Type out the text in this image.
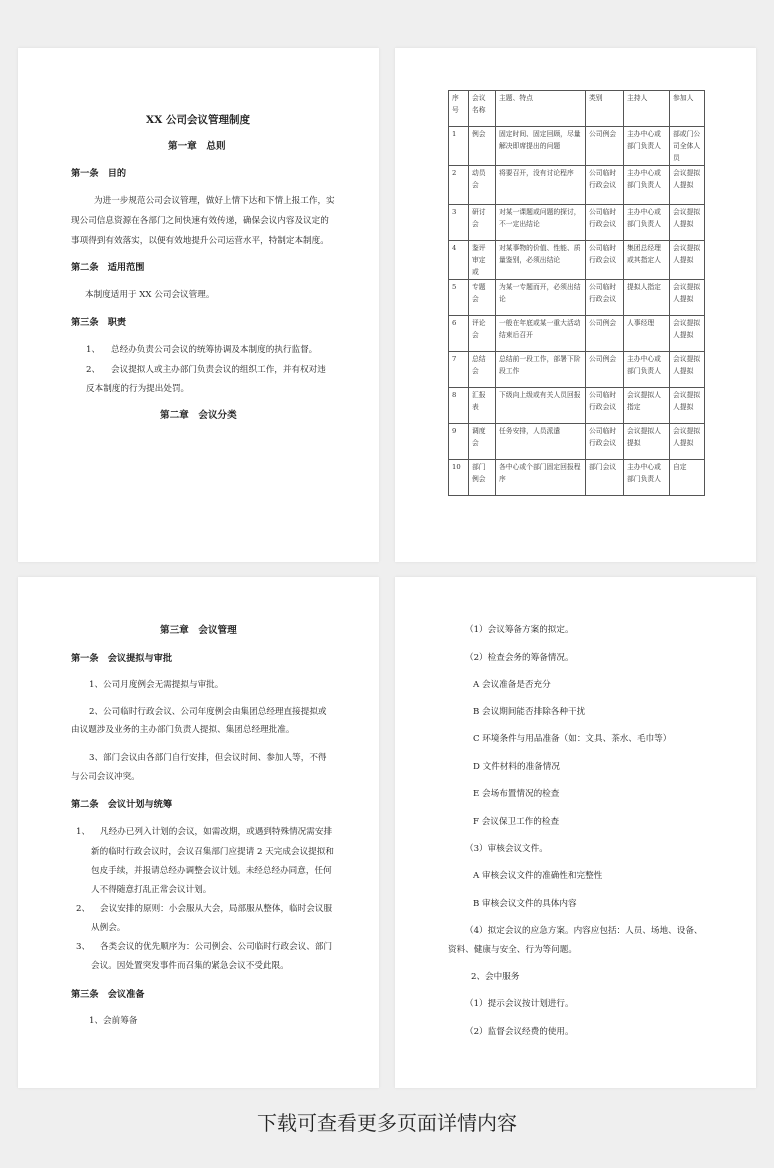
XX 公司会议管理制度
第一章　总则
第一条　目的
为进一步规范公司会议管理，做好上情下达和下情上报工作，实
现公司信息资源在各部门之间快速有效传递，确保会议内容及议定的
事项得到有效落实，以便有效地提升公司运营水平，特制定本制度。
第二条　适用范围
本制度适用于 XX 公司会议管理。
第三条　职责
1、 总经办负责公司会议的统筹协调及本制度的执行监督。
2、 会议提拟人或主办部门负责会议的组织工作，并有权对违
反本制度的行为提出处罚。
第二章　会议分类
序号	会议名称	主题、特点	类别	主持人	参加人
1	例会	固定时间、固定回顾，尽量解决即席提出的问题	公司例会	主办中心或部门负责人	部或门公司全体人员
2	动员会	将要召开，没有讨论程序	公司临时行政会议	主办中心或部门负责人	会议提拟人提拟
3	研讨会	对某一课题或问题的探讨，不一定出结论	公司临时行政会议	主办中心或部门负责人	会议提拟人提拟
4	鉴评审定或	对某事物的价值、性能、质量鉴别，必须出结论	公司临时行政会议	集团总经理或其指定人	会议提拟人提拟
5	专题会	为某一专题而开，必须出结论	公司临时行政会议	提拟人指定	会议提拟人提拟
6	评论会	一般在年底或某一重大活动结束后召开	公司例会	人事经理	会议提拟人提拟
7	总结会	总结前一段工作，部署下阶段工作	公司例会	主办中心或部门负责人	会议提拟人提拟
8	汇报表	下级向上级或有关人员回报	公司临时行政会议	会议提拟人指定	会议提拟人提拟
9	调度会	任务安排，人员派遣	公司临时行政会议	会议提拟人提拟	会议提拟人提拟
10	部门例会	各中心或个部门固定回报程序	部门会议	主办中心或部门负责人	自定
第三章　会议管理
第一条　会议提拟与审批
1、公司月度例会无需提拟与审批。
2、公司临时行政会议、公司年度例会由集团总经理直接提拟或
由议题涉及业务的主办部门负责人提拟、集团总经理批准。
3、部门会议由各部门自行安排，但会议时间、参加人等，不得
与公司会议冲突。
第二条　会议计划与统筹
1、 凡经办已列入计划的会议，如需改期，或遇到特殊情况需安排
新的临时行政会议时，会议召集部门应提请 2 天完成会议提拟和
包皮手续，并报请总经办调整会议计划。未经总经办同意，任何
人不得随意打乱正常会议计划。
2、 会议安排的原则：小会服从大会，局部服从整体，临时会议服
从例会。
3、 各类会议的优先顺序为：公司例会、公司临时行政会议、部门
会议。因处置突发事件而召集的紧急会议不受此限。
第三条　会议准备
1、会前筹备
（1）会议筹备方案的拟定。
（2）检查会务的筹备情况。
A 会议准备是否充分
B 会议期间能否排除各种干扰
C 环境条件与用品准备（如：文具、茶水、毛巾等）
D 文件材料的准备情况
E 会场布置情况的检查
F 会议保卫工作的检查
（3）审核会议文件。
A 审核会议文件的准确性和完整性
B 审核会议文件的具体内容
（4）拟定会议的应急方案。内容应包括：人员、场地、设备、
资料、健康与安全、行为等问题。
2、会中服务
（1）提示会议按计划进行。
（2）监督会议经费的使用。
下载可查看更多页面详情内容
